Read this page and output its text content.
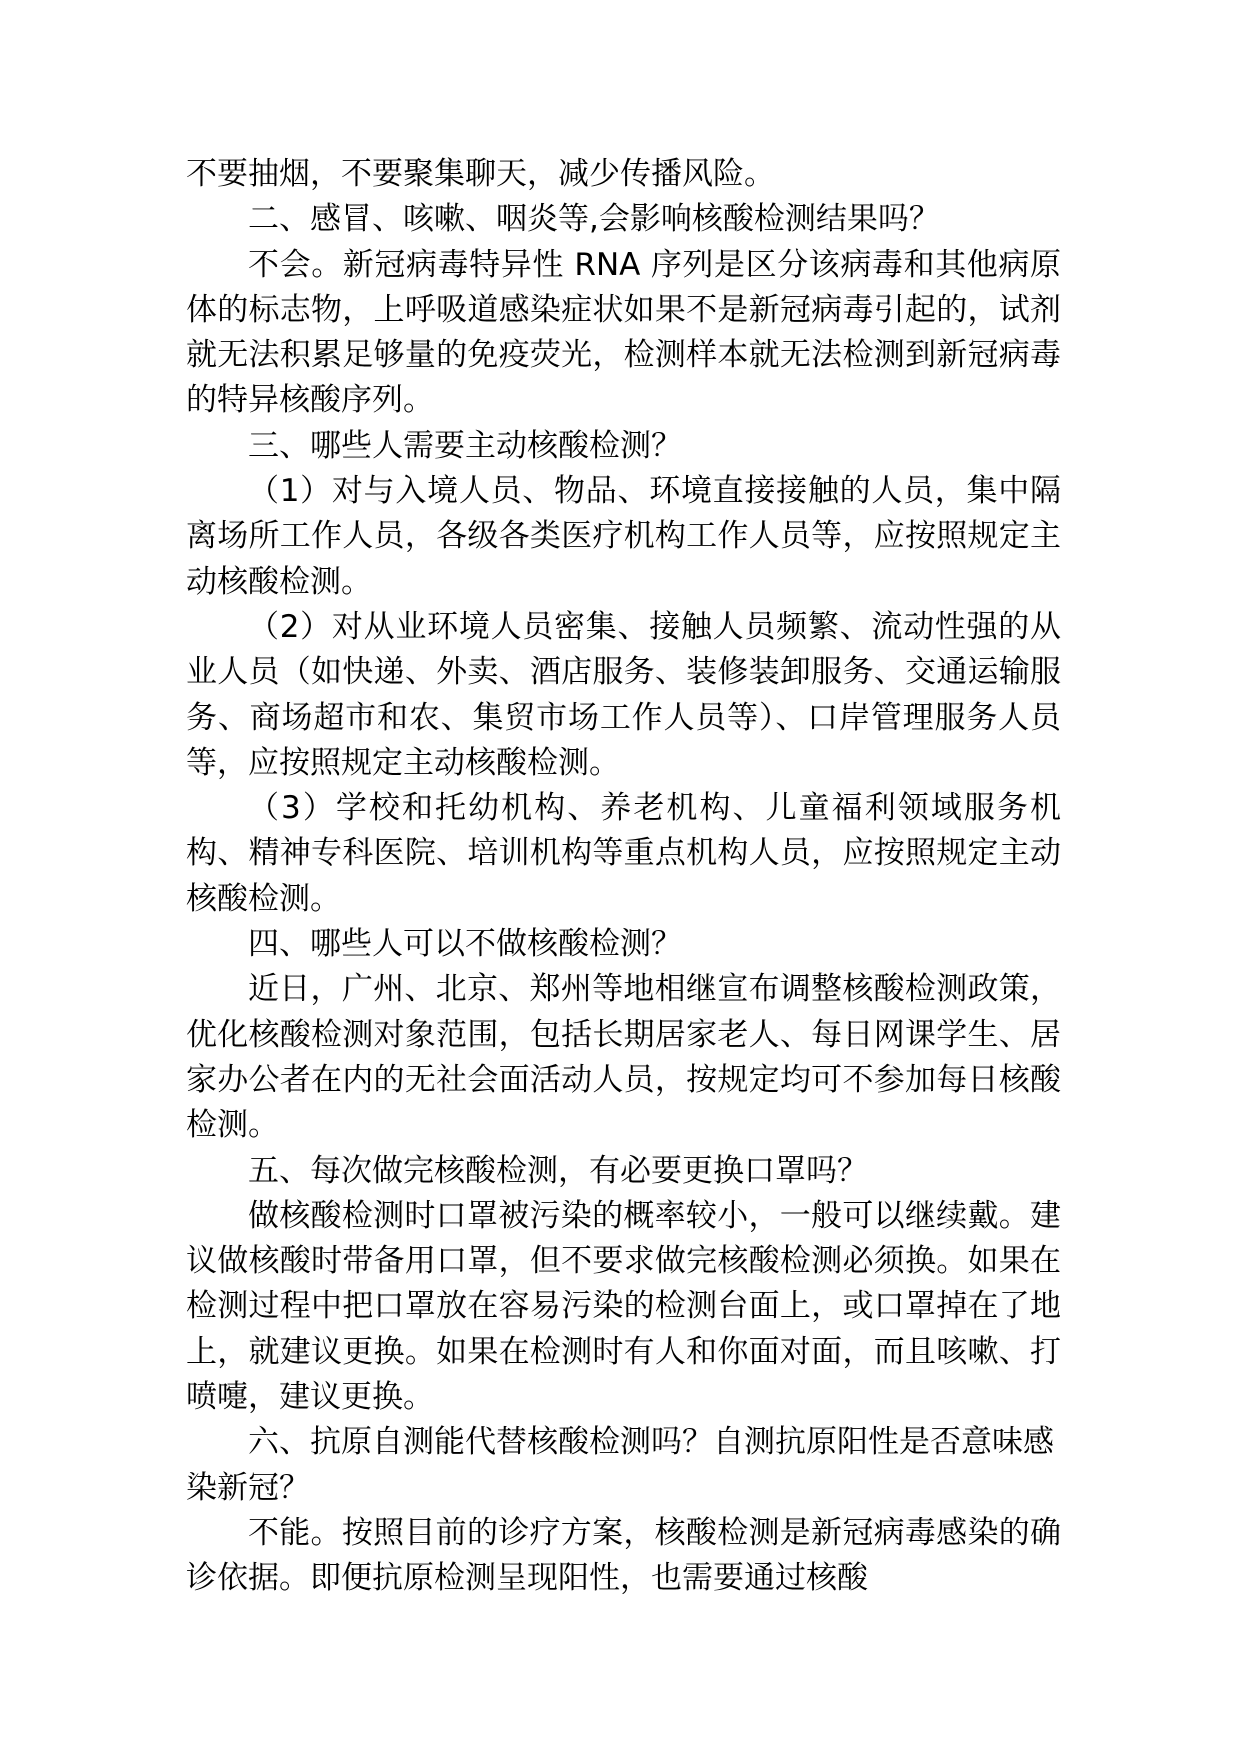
不要抽烟，不要聚集聊天，减少传播风险。

二、感冒、咳嗽、咽炎等,会影响核酸检测结果吗？

不会。新冠病毒特异性 RNA 序列是区分该病毒和其他病原体的标志物，上呼吸道感染症状如果不是新冠病毒引起的，试剂就无法积累足够量的免疫荧光，检测样本就无法检测到新冠病毒的特异核酸序列。

三、哪些人需要主动核酸检测？

（1）对与入境人员、物品、环境直接接触的人员，集中隔离场所工作人员，各级各类医疗机构工作人员等，应按照规定主动核酸检测。

（2）对从业环境人员密集、接触人员频繁、流动性强的从业人员（如快递、外卖、酒店服务、装修装卸服务、交通运输服务、商场超市和农、集贸市场工作人员等）、口岸管理服务人员等，应按照规定主动核酸检测。

（3）学校和托幼机构、养老机构、儿童福利领域服务机构、精神专科医院、培训机构等重点机构人员，应按照规定主动核酸检测。

四、哪些人可以不做核酸检测？

近日，广州、北京、郑州等地相继宣布调整核酸检测政策，优化核酸检测对象范围，包括长期居家老人、每日网课学生、居家办公者在内的无社会面活动人员，按规定均可不参加每日核酸检测。

五、每次做完核酸检测，有必要更换口罩吗？

做核酸检测时口罩被污染的概率较小，一般可以继续戴。建议做核酸时带备用口罩，但不要求做完核酸检测必须换。如果在检测过程中把口罩放在容易污染的检测台面上，或口罩掉在了地上，就建议更换。如果在检测时有人和你面对面，而且咳嗽、打喷嚏，建议更换。

六、抗原自测能代替核酸检测吗？自测抗原阳性是否意味感染新冠？

不能。按照目前的诊疗方案，核酸检测是新冠病毒感染的确诊依据。即便抗原检测呈现阳性，也需要通过核酸
